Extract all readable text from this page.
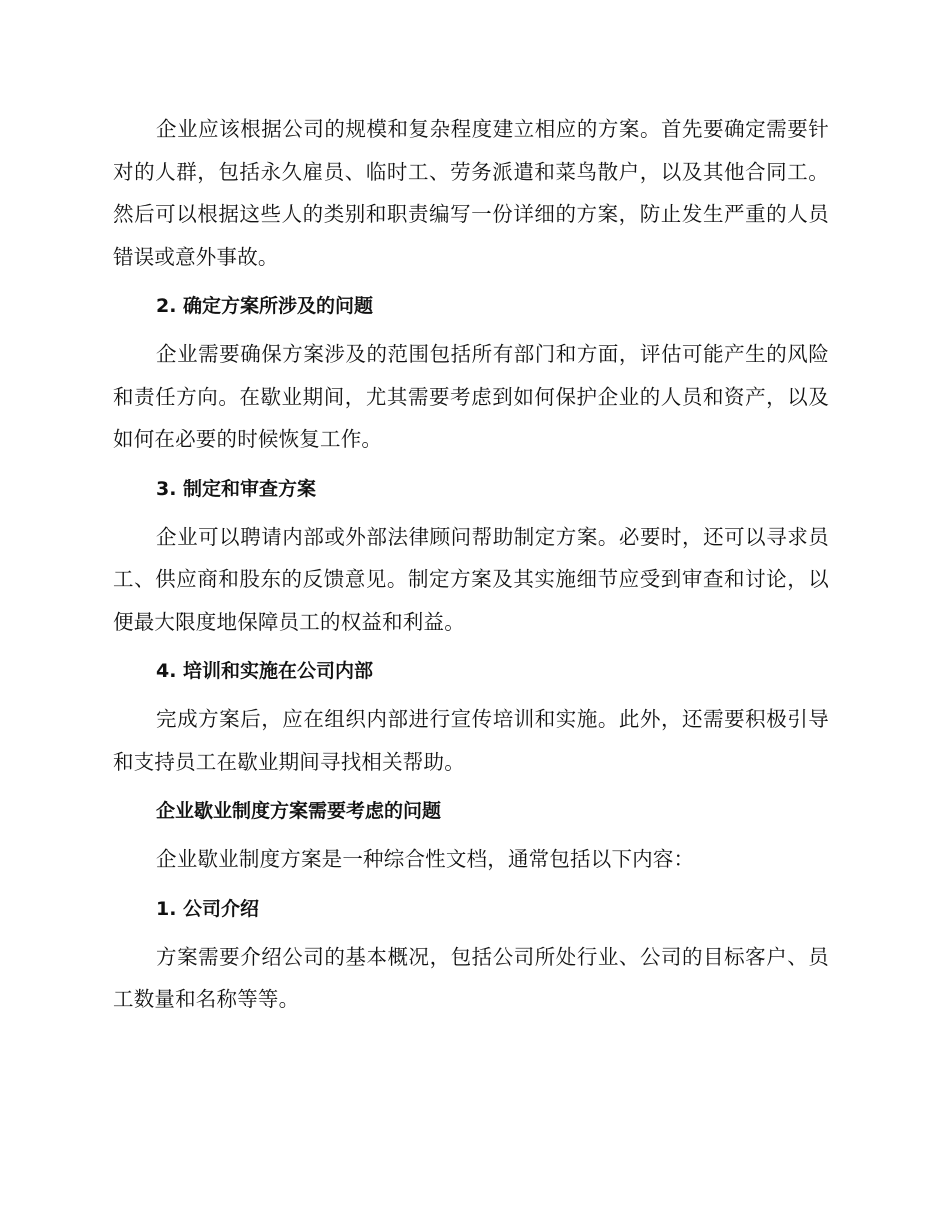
企业应该根据公司的规模和复杂程度建立相应的方案。首先要确定需要针对的人群，包括永久雇员、临时工、劳务派遣和菜鸟散户，以及其他合同工。然后可以根据这些人的类别和职责编写一份详细的方案，防止发生严重的人员错误或意外事故。

2. 确定方案所涉及的问题

企业需要确保方案涉及的范围包括所有部门和方面，评估可能产生的风险和责任方向。在歇业期间，尤其需要考虑到如何保护企业的人员和资产，以及如何在必要的时候恢复工作。

3. 制定和审查方案

企业可以聘请内部或外部法律顾问帮助制定方案。必要时，还可以寻求员工、供应商和股东的反馈意见。制定方案及其实施细节应受到审查和讨论，以便最大限度地保障员工的权益和利益。

4. 培训和实施在公司内部

完成方案后，应在组织内部进行宣传培训和实施。此外，还需要积极引导和支持员工在歇业期间寻找相关帮助。

企业歇业制度方案需要考虑的问题

企业歇业制度方案是一种综合性文档，通常包括以下内容：

1. 公司介绍

方案需要介绍公司的基本概况，包括公司所处行业、公司的目标客户、员工数量和名称等等。
